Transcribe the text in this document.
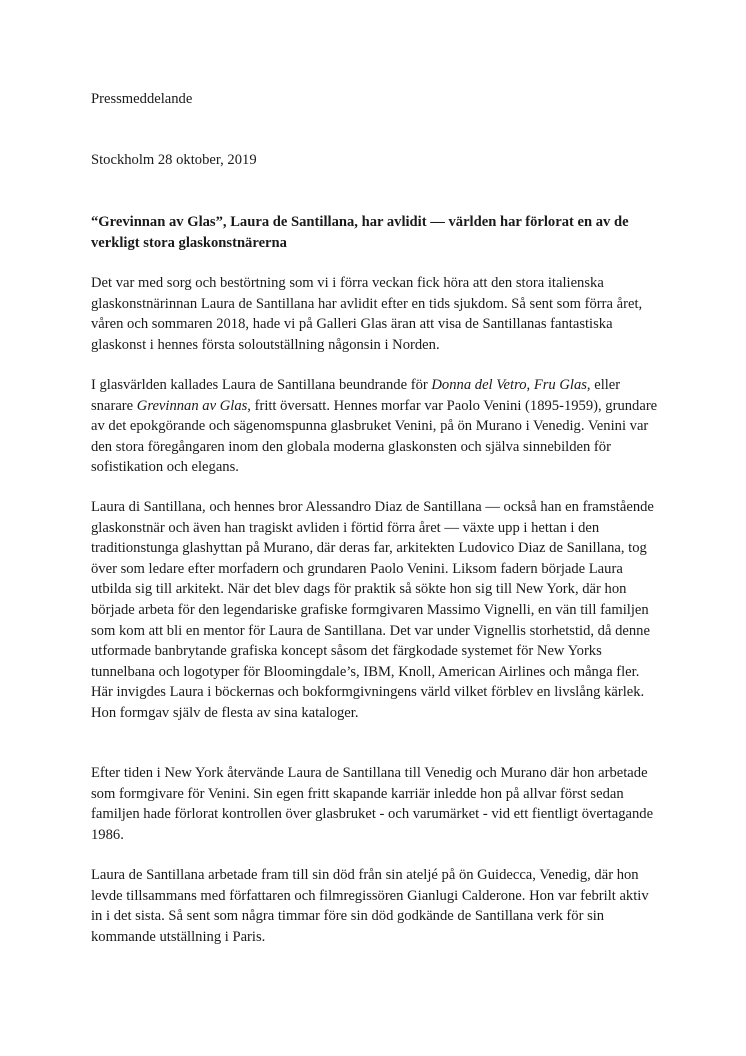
Pressmeddelande

Stockholm 28 oktober, 2019

“Grevinnan av Glas”, Laura de Santillana, har avlidit — världen har förlorat en av de verkligt stora glaskonstnärerna

Det var med sorg och bestörtning som vi i förra veckan fick höra att den stora italienska glaskonstnärinnan Laura de Santillana har avlidit efter en tids sjukdom. Så sent som förra året, våren och sommaren 2018, hade vi på Galleri Glas äran att visa de Santillanas fantastiska glaskonst i hennes första soloutställning någonsin i Norden.

I glasvärlden kallades Laura de Santillana beundrande för Donna del Vetro, Fru Glas, eller snarare Grevinnan av Glas, fritt översatt. Hennes morfar var Paolo Venini (1895-1959), grundare av det epokgörande och sägenomspunna glasbruket Venini, på ön Murano i Venedig. Venini var den stora föregångaren inom den globala moderna glaskonsten och själva sinnebilden för sofistikation och elegans.

Laura di Santillana, och hennes bror Alessandro Diaz de Santillana — också han en framstående glaskonstnär och även han tragiskt avliden i förtid förra året — växte upp i hettan i den traditionstunga glashyttan på Murano, där deras far, arkitekten Ludovico Diaz de Sanillana, tog över som ledare efter morfadern och grundaren Paolo Venini. Liksom fadern började Laura utbilda sig till arkitekt. När det blev dags för praktik så sökte hon sig till New York, där hon började arbeta för den legendariske grafiske formgivaren Massimo Vignelli, en vän till familjen som kom att bli en mentor för Laura de Santillana. Det var under Vignellis storhetstid, då denne utformade banbrytande grafiska koncept såsom det färgkodade systemet för New Yorks tunnelbana och logotyper för Bloomingdale’s, IBM, Knoll, American Airlines och många fler. Här invigdes Laura i böckernas och bokformgivningens värld vilket förblev en livslång kärlek. Hon formgav själv de flesta av sina kataloger.

Efter tiden i New York återvände Laura de Santillana till Venedig och Murano där hon arbetade som formgivare för Venini. Sin egen fritt skapande karriär inledde hon på allvar först sedan familjen hade förlorat kontrollen över glasbruket - och varumärket - vid ett fientligt övertagande 1986.

Laura de Santillana arbetade fram till sin död från sin ateljé på ön Guidecca, Venedig, där hon levde tillsammans med författaren och filmregissören Gianlugi Calderone. Hon var febrilt aktiv in i det sista. Så sent som några timmar före sin död godkände de Santillana verk för sin kommande utställning i Paris.
